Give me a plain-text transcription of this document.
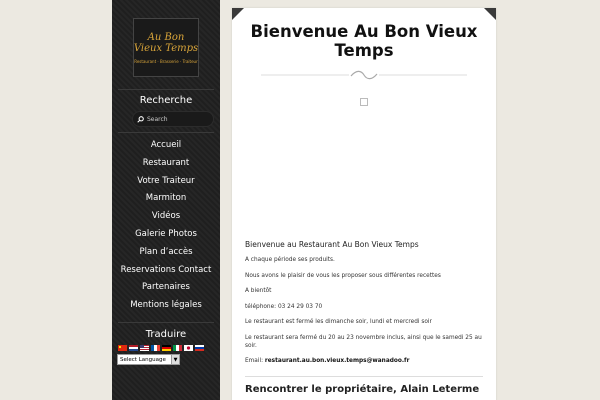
Au Bon
Vieux Temps
Restaurant · Brasserie · Traiteur
Recherche
Search
Accueil
Restaurant
Votre Traiteur
Marmiton
Vidéos
Galerie Photos
Plan d’accès
Reservations Contact
Partenaires
Mentions légales
Traduire
Select Language	▼
Bienvenue Au Bon Vieux Temps
Bienvenue au Restaurant Au Bon Vieux Temps

A chaque période ses produits.

Nous avons le plaisir de vous les proposer sous différentes recettes

A bientôt

téléphone: 03 24 29 03 70

Le restaurant est fermé les dimanche soir, lundi et mercredi soir

Le restaurant sera fermé du 20 au 23 novembre inclus, ainsi que le samedi 25 au soir.

Email: restaurant.au.bon.vieux.temps@wanadoo.fr

Rencontrer le propriétaire, Alain Leterme
